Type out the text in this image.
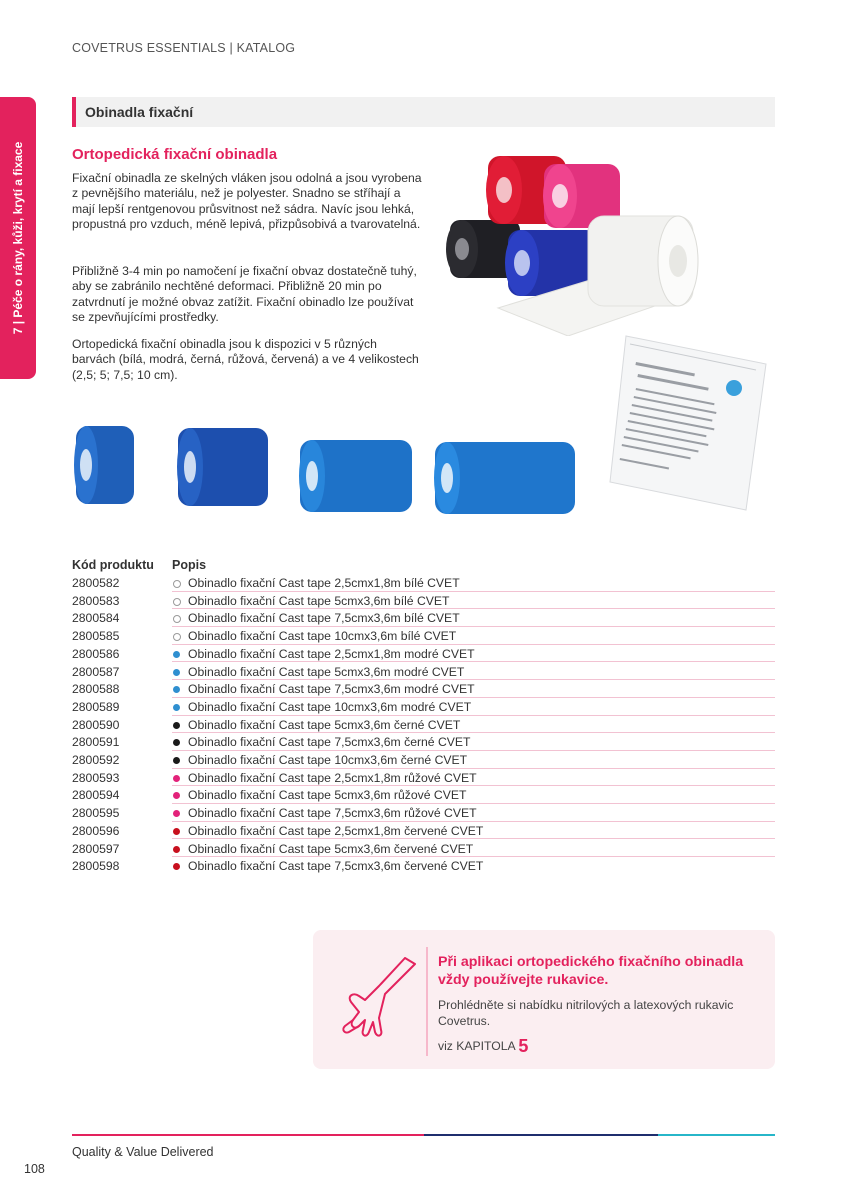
COVETRUS ESSENTIALS | KATALOG
7 | Péče o rány, kůži, krytí a fixace
Obinadla fixační
Ortopedická fixační obinadla
Fixační obinadla ze skelných vláken jsou odolná a jsou vyrobena z pevnějšího materiálu, než je polyester. Snadno se stříhají a mají lepší rentgenovou průsvitnost než sádra. Navíc jsou lehká, propustná pro vzduch, méně lepivá, přizpůsobivá a tvarovatelná.
Přibližně 3-4 min po namočení je fixační obvaz dostatečně tuhý, aby se zabránilo nechtěné deformaci. Přibližně 20 min po zatvrdnutí je možné obvaz zatížit. Fixační obinadlo lze používat se zpevňujícími prostředky.
Ortopedická fixační obinadla jsou k dispozici v 5 různých barvách (bílá, modrá, černá, růžová, červená) a ve 4 velikostech (2,5; 5; 7,5; 10 cm).
Kód produktu Popis
2800582	Obinadlo fixační Cast tape 2,5cmx1,8m bílé CVET
2800583	Obinadlo fixační Cast tape 5cmx3,6m bílé CVET
2800584	Obinadlo fixační Cast tape 7,5cmx3,6m bílé CVET
2800585	Obinadlo fixační Cast tape 10cmx3,6m bílé CVET
2800586	Obinadlo fixační Cast tape 2,5cmx1,8m modré CVET
2800587	Obinadlo fixační Cast tape 5cmx3,6m modré CVET
2800588	Obinadlo fixační Cast tape 7,5cmx3,6m modré CVET
2800589	Obinadlo fixační Cast tape 10cmx3,6m modré CVET
2800590	Obinadlo fixační Cast tape 5cmx3,6m černé CVET
2800591	Obinadlo fixační Cast tape 7,5cmx3,6m černé CVET
2800592	Obinadlo fixační Cast tape 10cmx3,6m černé CVET
2800593	Obinadlo fixační Cast tape 2,5cmx1,8m růžové CVET
2800594	Obinadlo fixační Cast tape 5cmx3,6m růžové CVET
2800595	Obinadlo fixační Cast tape 7,5cmx3,6m růžové CVET
2800596	Obinadlo fixační Cast tape 2,5cmx1,8m červené CVET
2800597	Obinadlo fixační Cast tape 5cmx3,6m červené CVET
2800598	Obinadlo fixační Cast tape 7,5cmx3,6m červené CVET
Při aplikaci ortopedického fixačního obinadla vždy používejte rukavice.
Prohlédněte si nabídku nitrilových a latexových rukavic Covetrus.
viz KAPITOLA 5
Quality & Value Delivered
108
